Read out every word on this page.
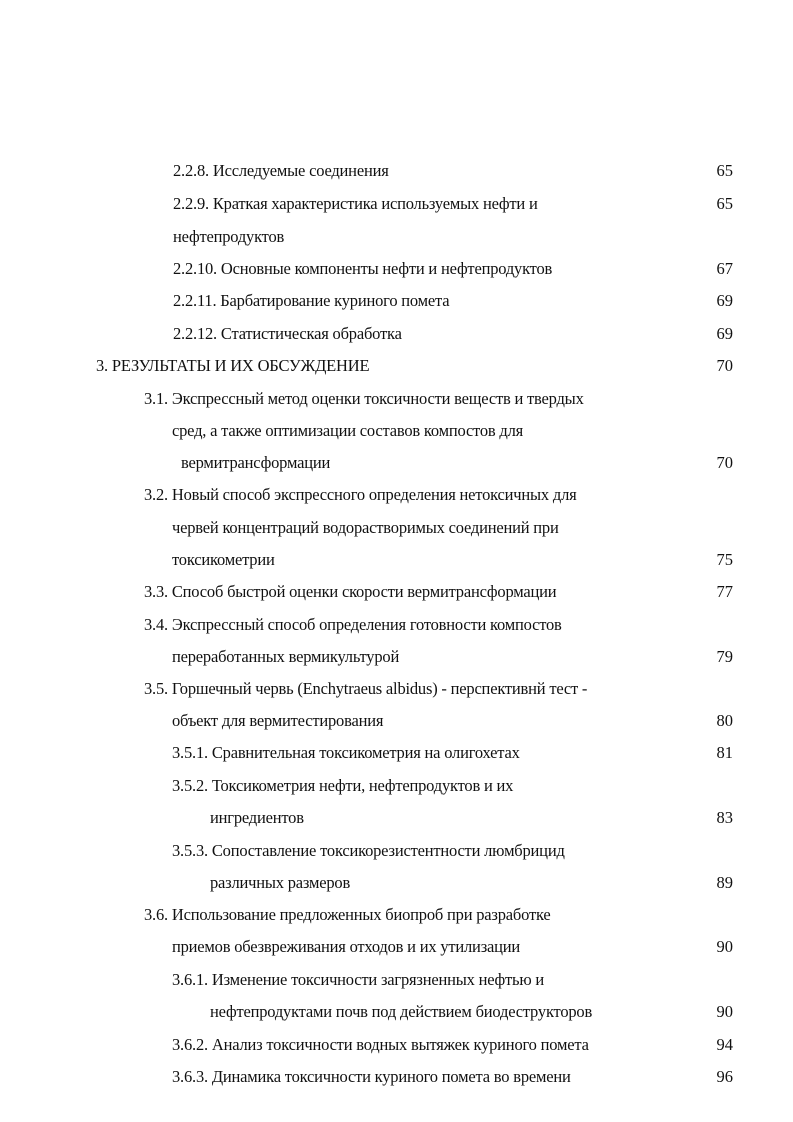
2.2.8. Исследуемые соединения	65
2.2.9. Краткая характеристика используемых нефти и	65
нефтепродуктов
2.2.10. Основные компоненты нефти и нефтепродуктов	67
2.2.11. Барбатирование куриного помета	69
2.2.12. Статистическая обработка	69
3. РЕЗУЛЬТАТЫ И ИХ ОБСУЖДЕНИЕ	70
3.1. Экспрессный метод оценки токсичности веществ и твердых
сред, а также оптимизации составов компостов для
вермитрансформации	70
3.2. Новый способ экспрессного определения нетоксичных для
червей концентраций водорастворимых соединений при
токсикометрии	75
3.3. Способ быстрой оценки скорости вермитрансформации	77
3.4. Экспрессный способ определения готовности компостов
переработанных вермикультурой	79
3.5. Горшечный червь (Enchytraeus albidus) - перспективнй тест -
объект для вермитестирования	80
3.5.1. Сравнительная токсикометрия на олигохетах	81
3.5.2. Токсикометрия нефти, нефтепродуктов и их
ингредиентов	83
3.5.3. Сопоставление токсикорезистентности люмбрицид
различных размеров	89
3.6. Использование предложенных биопроб при разработке
приемов обезвреживания отходов и их утилизации	90
3.6.1. Изменение токсичности загрязненных нефтью и
нефтепродуктами почв под действием биодеструкторов	90
3.6.2. Анализ токсичности водных вытяжек куриного помета	94
3.6.3. Динамика токсичности куриного помета во времени	96
